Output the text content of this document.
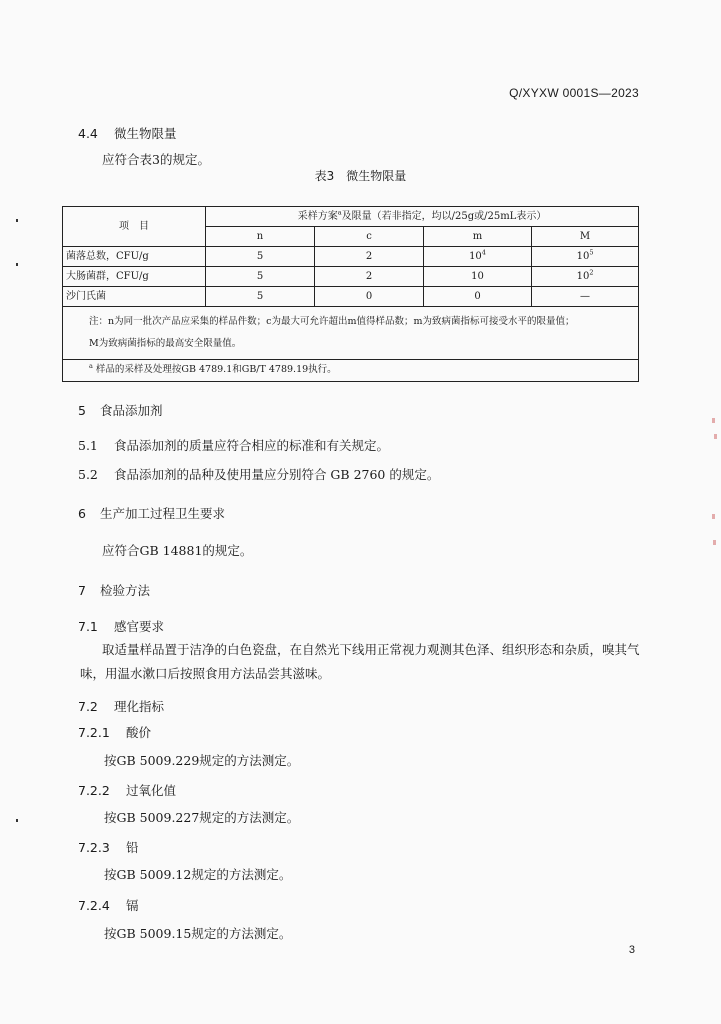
Q/XYXW 0001S—2023
4.4 微生物限量
应符合表3的规定。
表3　微生物限量
项　目	采样方案$^a$及限量（若非指定，均以/25g或/25mL表示）			
	n	c	m	M
菌落总数，CFU/g	5	2	$10^4$	$10^5$
大肠菌群，CFU/g	5	2	10	$10^2$
沙门氏菌	5	0	0	—

注：n为同一批次产品应采集的样品件数；c为最大可允许超出m值得样品数；m为致病菌指标可接受水平的限量值；
M为致病菌指标的最高安全限量值。				

$^a$ 样品的采样及处理按GB 4789.1和GB/T 4789.19执行。				
5 食品添加剂
5.1 食品添加剂的质量应符合相应的标准和有关规定。
5.2 食品添加剂的品种及使用量应分别符合 GB 2760 的规定。
6 生产加工过程卫生要求
应符合GB 14881的规定。
7 检验方法
7.1 感官要求
取适量样品置于洁净的白色瓷盘，在自然光下线用正常视力观测其色泽、组织形态和杂质，嗅其气
味，用温水漱口后按照食用方法品尝其滋味。
7.2 理化指标
7.2.1 酸价
按GB 5009.229规定的方法测定。
7.2.2 过氧化值
按GB 5009.227规定的方法测定。
7.2.3 铅
按GB 5009.12规定的方法测定。
7.2.4 镉
按GB 5009.15规定的方法测定。
3
